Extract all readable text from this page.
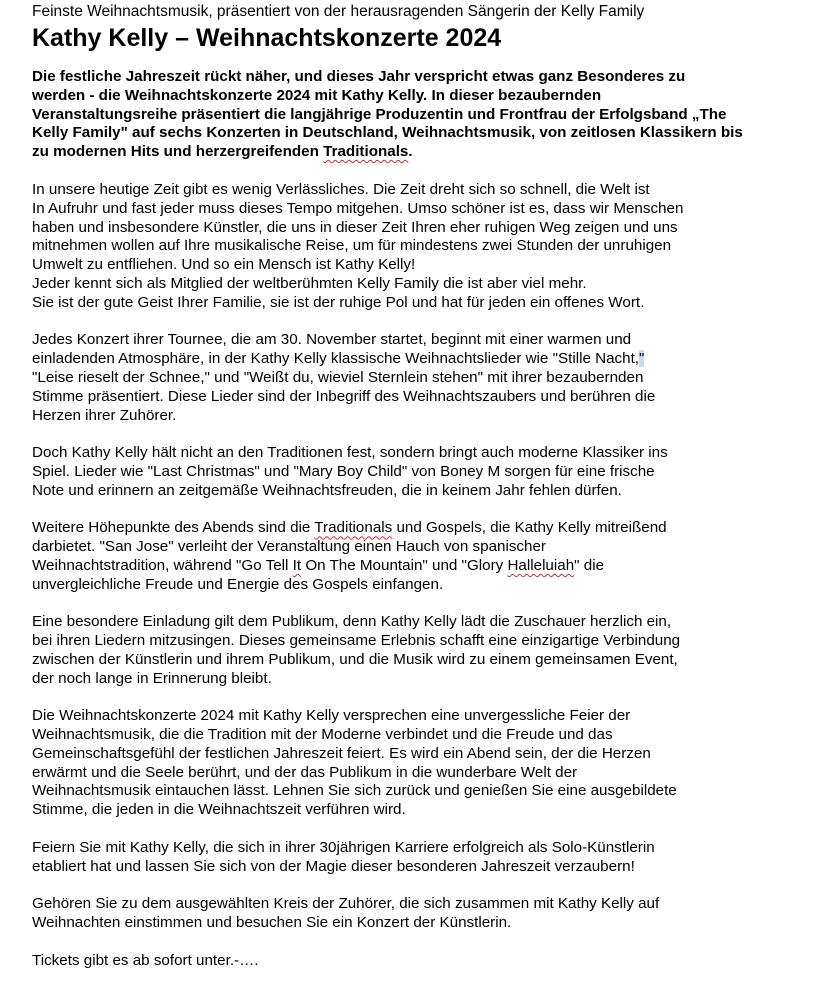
Feinste Weihnachtsmusik, präsentiert von der herausragenden Sängerin der Kelly Family

Kathy Kelly – Weihnachtskonzerte 2024

Die festliche Jahreszeit rückt näher, und dieses Jahr verspricht etwas ganz Besonderes zu
werden - die Weihnachtskonzerte 2024 mit Kathy Kelly. In dieser bezaubernden
Veranstaltungsreihe präsentiert die langjährige Produzentin und Frontfrau der Erfolgsband „The
Kelly Family" auf sechs Konzerten in Deutschland, Weihnachtsmusik, von zeitlosen Klassikern bis
zu modernen Hits und herzergreifenden Traditionals.

In unsere heutige Zeit gibt es wenig Verlässliches. Die Zeit dreht sich so schnell, die Welt ist
In Aufruhr und fast jeder muss dieses Tempo mitgehen. Umso schöner ist es, dass wir Menschen
haben und insbesondere Künstler, die uns in dieser Zeit Ihren eher ruhigen Weg zeigen und uns
mitnehmen wollen auf Ihre musikalische Reise, um für mindestens zwei Stunden der unruhigen
Umwelt zu entfliehen. Und so ein Mensch ist Kathy Kelly!
Jeder kennt sich als Mitglied der weltberühmten Kelly Family die ist aber viel mehr.
Sie ist der gute Geist Ihrer Familie, sie ist der ruhige Pol und hat für jeden ein offenes Wort.

Jedes Konzert ihrer Tournee, die am 30. November startet, beginnt mit einer warmen und
einladenden Atmosphäre, in der Kathy Kelly klassische Weihnachtslieder wie "Stille Nacht,"
"Leise rieselt der Schnee," und "Weißt du, wieviel Sternlein stehen" mit ihrer bezaubernden
Stimme präsentiert. Diese Lieder sind der Inbegriff des Weihnachtszaubers und berühren die
Herzen ihrer Zuhörer.

Doch Kathy Kelly hält nicht an den Traditionen fest, sondern bringt auch moderne Klassiker ins
Spiel. Lieder wie "Last Christmas" und "Mary Boy Child" von Boney M sorgen für eine frische
Note und erinnern an zeitgemäße Weihnachtsfreuden, die in keinem Jahr fehlen dürfen.

Weitere Höhepunkte des Abends sind die Traditionals und Gospels, die Kathy Kelly mitreißend
darbietet. "San Jose" verleiht der Veranstaltung einen Hauch von spanischer
Weihnachtstradition, während "Go Tell It On The Mountain" und "Glory Halleluiah" die
unvergleichliche Freude und Energie des Gospels einfangen.

Eine besondere Einladung gilt dem Publikum, denn Kathy Kelly lädt die Zuschauer herzlich ein,
bei ihren Liedern mitzusingen. Dieses gemeinsame Erlebnis schafft eine einzigartige Verbindung
zwischen der Künstlerin und ihrem Publikum, und die Musik wird zu einem gemeinsamen Event,
der noch lange in Erinnerung bleibt.

Die Weihnachtskonzerte 2024 mit Kathy Kelly versprechen eine unvergessliche Feier der
Weihnachtsmusik, die die Tradition mit der Moderne verbindet und die Freude und das
Gemeinschaftsgefühl der festlichen Jahreszeit feiert. Es wird ein Abend sein, der die Herzen
erwärmt und die Seele berührt, und der das Publikum in die wunderbare Welt der
Weihnachtsmusik eintauchen lässt. Lehnen Sie sich zurück und genießen Sie eine ausgebildete
Stimme, die jeden in die Weihnachtszeit verführen wird.

Feiern Sie mit Kathy Kelly, die sich in ihrer 30jährigen Karriere erfolgreich als Solo-Künstlerin
etabliert hat und lassen Sie sich von der Magie dieser besonderen Jahreszeit verzaubern!

Gehören Sie zu dem ausgewählten Kreis der Zuhörer, die sich zusammen mit Kathy Kelly auf
Weihnachten einstimmen und besuchen Sie ein Konzert der Künstlerin.

Tickets gibt es ab sofort unter.-….
